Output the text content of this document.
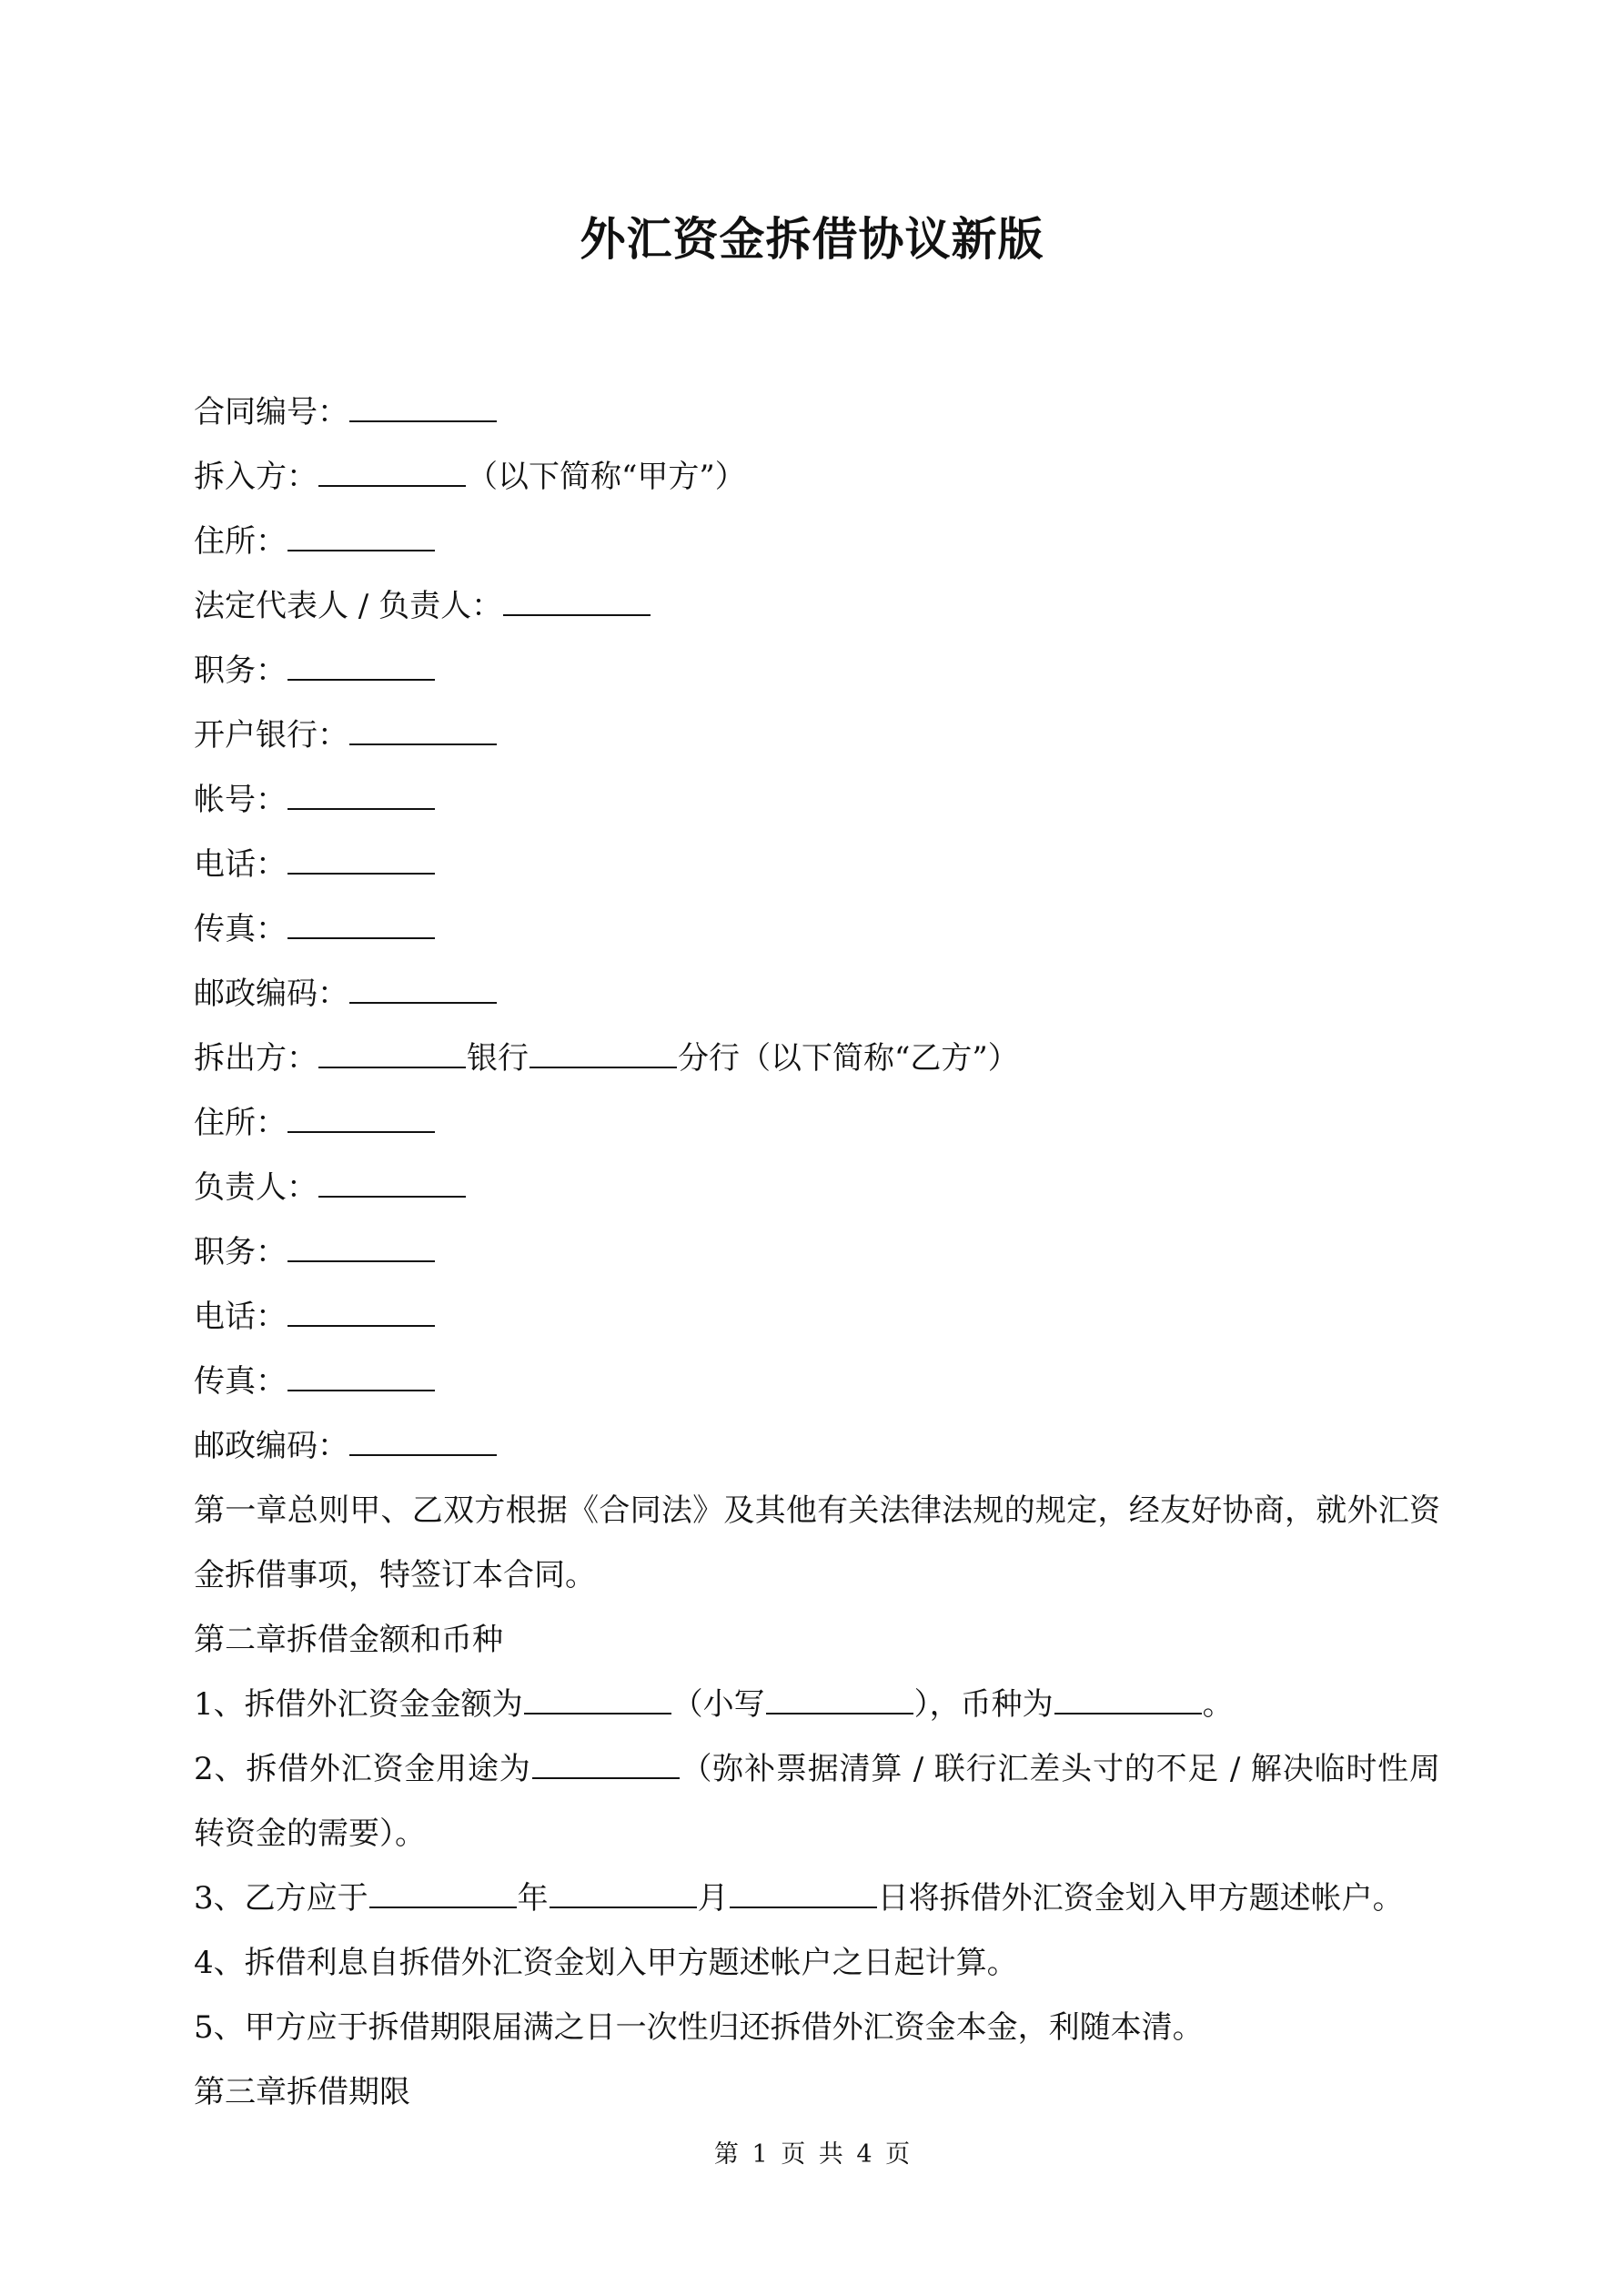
外汇资金拆借协议新版
合同编号：
拆入方：	（以下简称“甲方”）
住所：
法定代表人 / 负责人：
职务：
开户银行：
帐号：
电话：
传真：
邮政编码：
拆出方：	银行	分行（以下简称“乙方”）
住所：
负责人：
职务：
电话：
传真：
邮政编码：
第一章总则甲、乙双方根据《合同法》及其他有关法律法规的规定，经友好协商，就外汇资金拆借事项，特签订本合同。
第二章拆借金额和币种
1、拆借外汇资金金额为	（小写	），币种为	。
2、拆借外汇资金用途为	（弥补票据清算 / 联行汇差头寸的不足 / 解决临时性周转资金的需要）。
3、乙方应于	年	月	日将拆借外汇资金划入甲方题述帐户。
4、拆借利息自拆借外汇资金划入甲方题述帐户之日起计算。
5、甲方应于拆借期限届满之日一次性归还拆借外汇资金本金，利随本清。
第三章拆借期限
第 1 页 共 4 页
